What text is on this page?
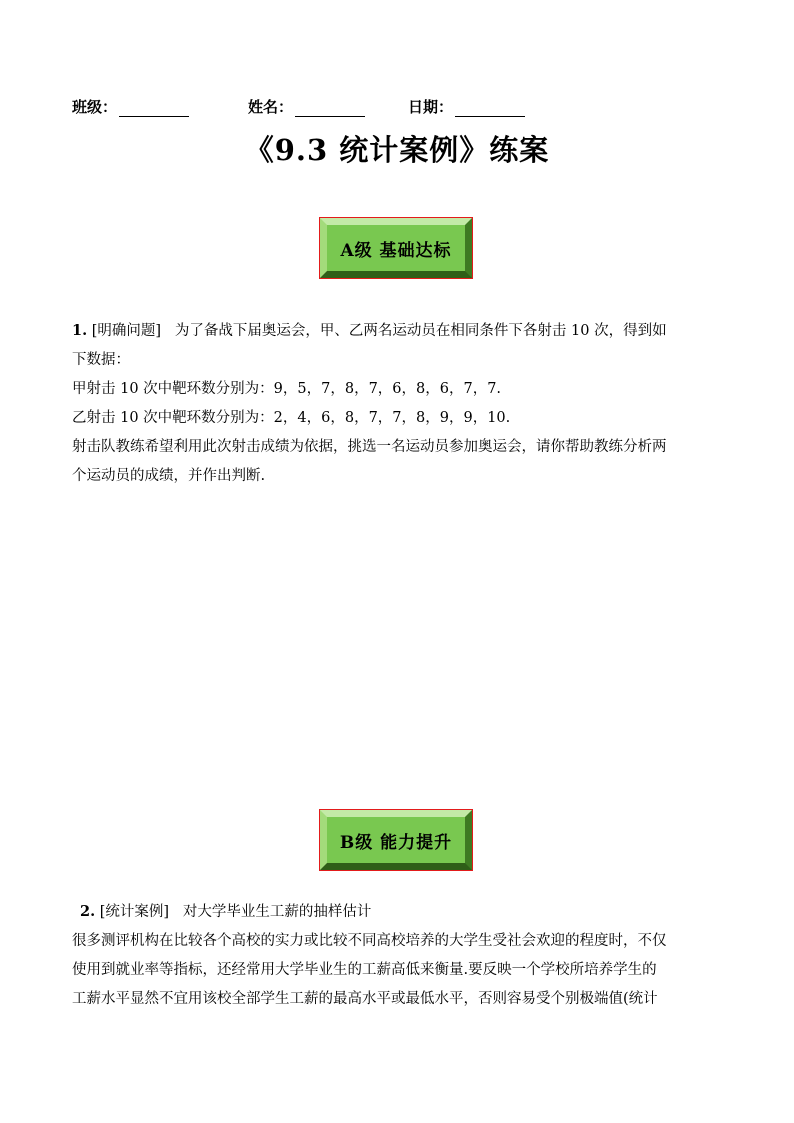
班级：	姓名：	日期：
《9.3 统计案例》练案
A级 基础达标
1. [明确问题] 为了备战下届奥运会，甲、乙两名运动员在相同条件下各射击 10 次，得到如
下数据：
甲射击 10 次中靶环数分别为：9，5，7，8，7，6，8，6，7，7.
乙射击 10 次中靶环数分别为：2，4，6，8，7，7，8，9，9，10.
射击队教练希望利用此次射击成绩为依据，挑选一名运动员参加奥运会，请你帮助教练分析两
个运动员的成绩，并作出判断.
B级 能力提升
2. [统计案例] 对大学毕业生工薪的抽样估计
很多测评机构在比较各个高校的实力或比较不同高校培养的大学生受社会欢迎的程度时，不仅
使用到就业率等指标，还经常用大学毕业生的工薪高低来衡量.要反映一个学校所培养学生的
工薪水平显然不宜用该校全部学生工薪的最高水平或最低水平，否则容易受个别极端值(统计
